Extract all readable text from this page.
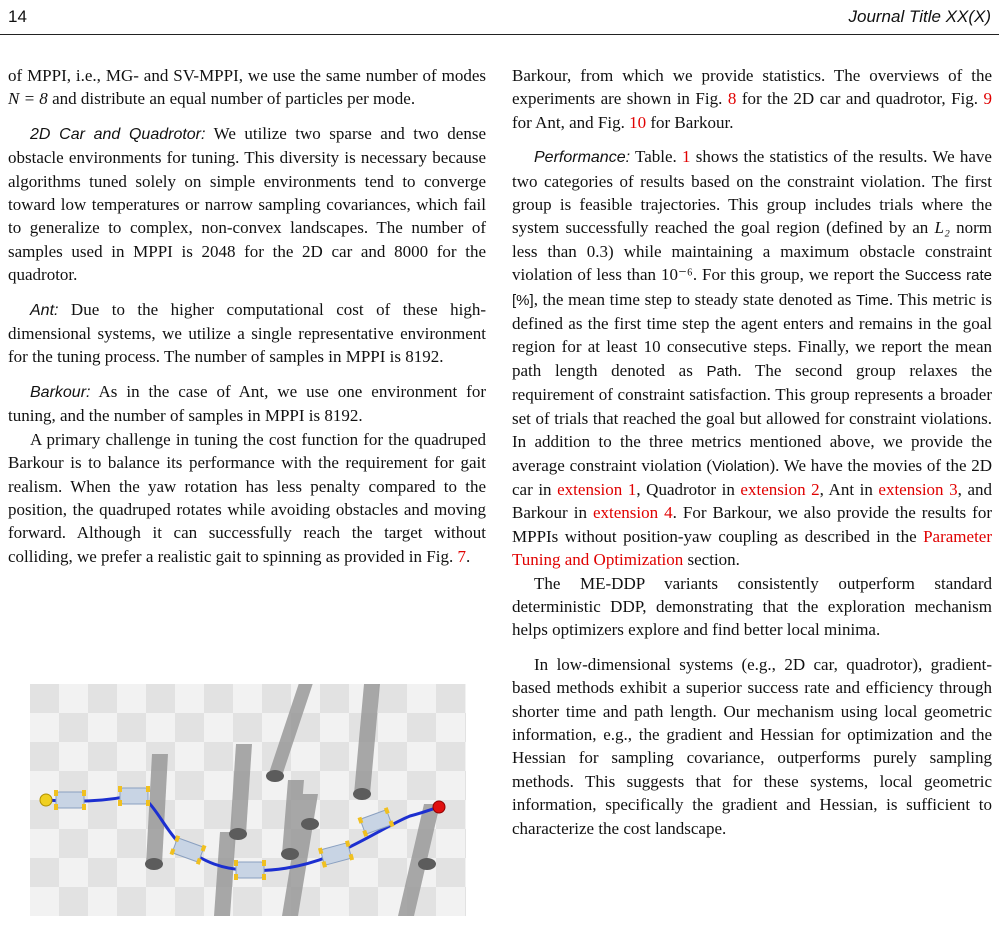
14	Journal Title XX(X)

of MPPI, i.e., MG- and SV-MPPI, we use the same number of modes N = 8 and distribute an equal number of particles per mode.

2D Car and Quadrotor: We utilize two sparse and two dense obstacle environments for tuning. This diversity is necessary because algorithms tuned solely on simple environments tend to converge toward low temperatures or narrow sampling covariances, which fail to generalize to complex, non-convex landscapes. The number of samples used in MPPI is 2048 for the 2D car and 8000 for the quadrotor.

Ant: Due to the higher computational cost of these high-dimensional systems, we utilize a single representative environment for the tuning process. The number of samples in MPPI is 8192.

Barkour: As in the case of Ant, we use one environment for tuning, and the number of samples in MPPI is 8192.

A primary challenge in tuning the cost function for the quadruped Barkour is to balance its performance with the requirement for gait realism. When the yaw rotation has less penalty compared to the position, the quadruped rotates while avoiding obstacles and moving forward. Although it can successfully reach the target without colliding, we prefer a realistic gait to spinning as provided in Fig. 7.

Barkour, from which we provide statistics. The overviews of the experiments are shown in Fig. 8 for the 2D car and quadrotor, Fig. 9 for Ant, and Fig. 10 for Barkour.

Performance: Table. 1 shows the statistics of the results. We have two categories of results based on the constraint violation. The first group is feasible trajectories. This group includes trials where the system successfully reached the goal region (defined by an L₂ norm less than 0.3) while maintaining a maximum obstacle constraint violation of less than 10⁻⁶. For this group, we report the Success rate [%], the mean time step to steady state denoted as Time. This metric is defined as the first time step the agent enters and remains in the goal region for at least 10 consecutive steps. Finally, we report the mean path length denoted as Path. The second group relaxes the requirement of constraint satisfaction. This group represents a broader set of trials that reached the goal but allowed for constraint violations. In addition to the three metrics mentioned above, we provide the average constraint violation (Violation). We have the movies of the 2D car in extension 1, Quadrotor in extension 2, Ant in extension 3, and Barkour in extension 4. For Barkour, we also provide the results for MPPIs without position-yaw coupling as described in the Parameter Tuning and Optimization section.

The ME-DDP variants consistently outperform standard deterministic DDP, demonstrating that the exploration mechanism helps optimizers explore and find better local minima.

In low-dimensional systems (e.g., 2D car, quadrotor), gradient-based methods exhibit a superior success rate and efficiency through shorter time and path length. Our mechanism using local geometric information, e.g., the gradient and Hessian for optimization and the Hessian for sampling covariance, outperforms purely sampling methods. This suggests that for these systems, local geometric information, specifically the gradient and Hessian, is sufficient to characterize the cost landscape.
